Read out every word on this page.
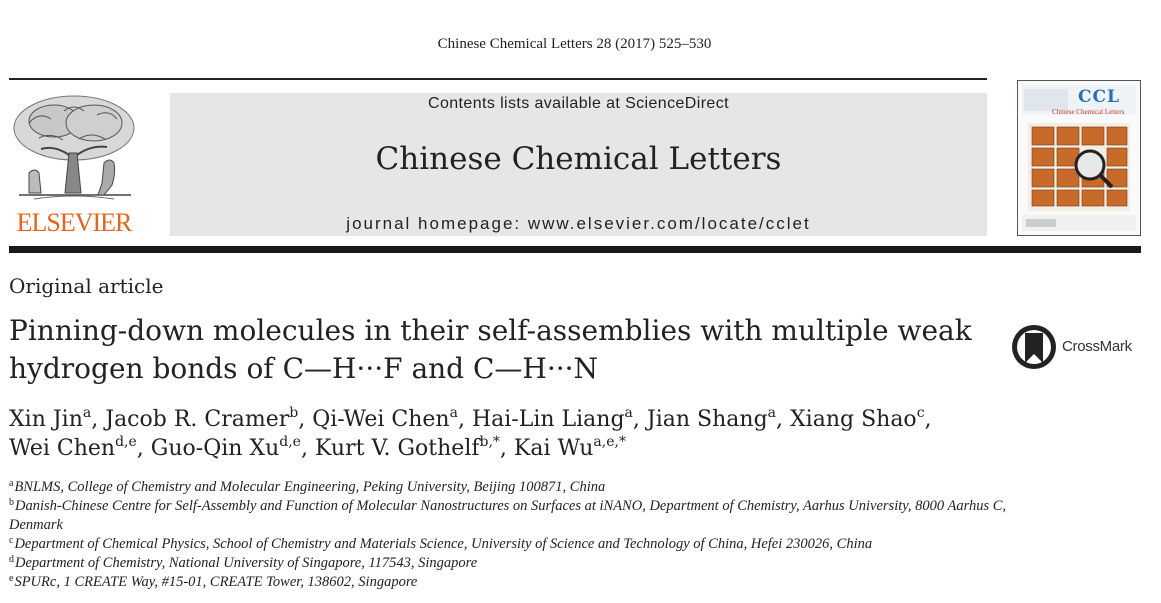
Chinese Chemical Letters 28 (2017) 525–530
ELSEVIER
Contents lists available at ScienceDirect
Chinese Chemical Letters
journal homepage: www.elsevier.com/locate/cclet
CCL
Chinese Chemical Letters
Original article
Pinning-down molecules in their self-assemblies with multiple weak
hydrogen bonds of C—H···F and C—H···N
CrossMark
Xin Jin$^a$, Jacob R. Cramer$^b$, Qi-Wei Chen$^a$, Hai-Lin Liang$^a$, Jian Shang$^a$, Xiang Shao$^c$,
Wei Chen$^{d,e}$, Guo-Qin Xu$^{d,e}$, Kurt V. Gothelf$^{b,*}$, Kai $Wu^{a,e,*}$
$^a$BNLMS, College of Chemistry and Molecular Engineering, Peking University, Beijing 100871, China
$^b$Danish-Chinese Centre for Self-Assembly and Function of Molecular Nanostructures on Surfaces at iNANO, Department of Chemistry, Aarhus University, 8000 Aarhus C, Denmark
$^c$Department of Chemical Physics, School of Chemistry and Materials Science, University of Science and Technology of China, Hefei 230026, China
$^d$Department of Chemistry, National University of Singapore, 117543, Singapore
$^e$SPURc, 1 CREATE Way, #15-01, CREATE Tower, 138602, Singapore
